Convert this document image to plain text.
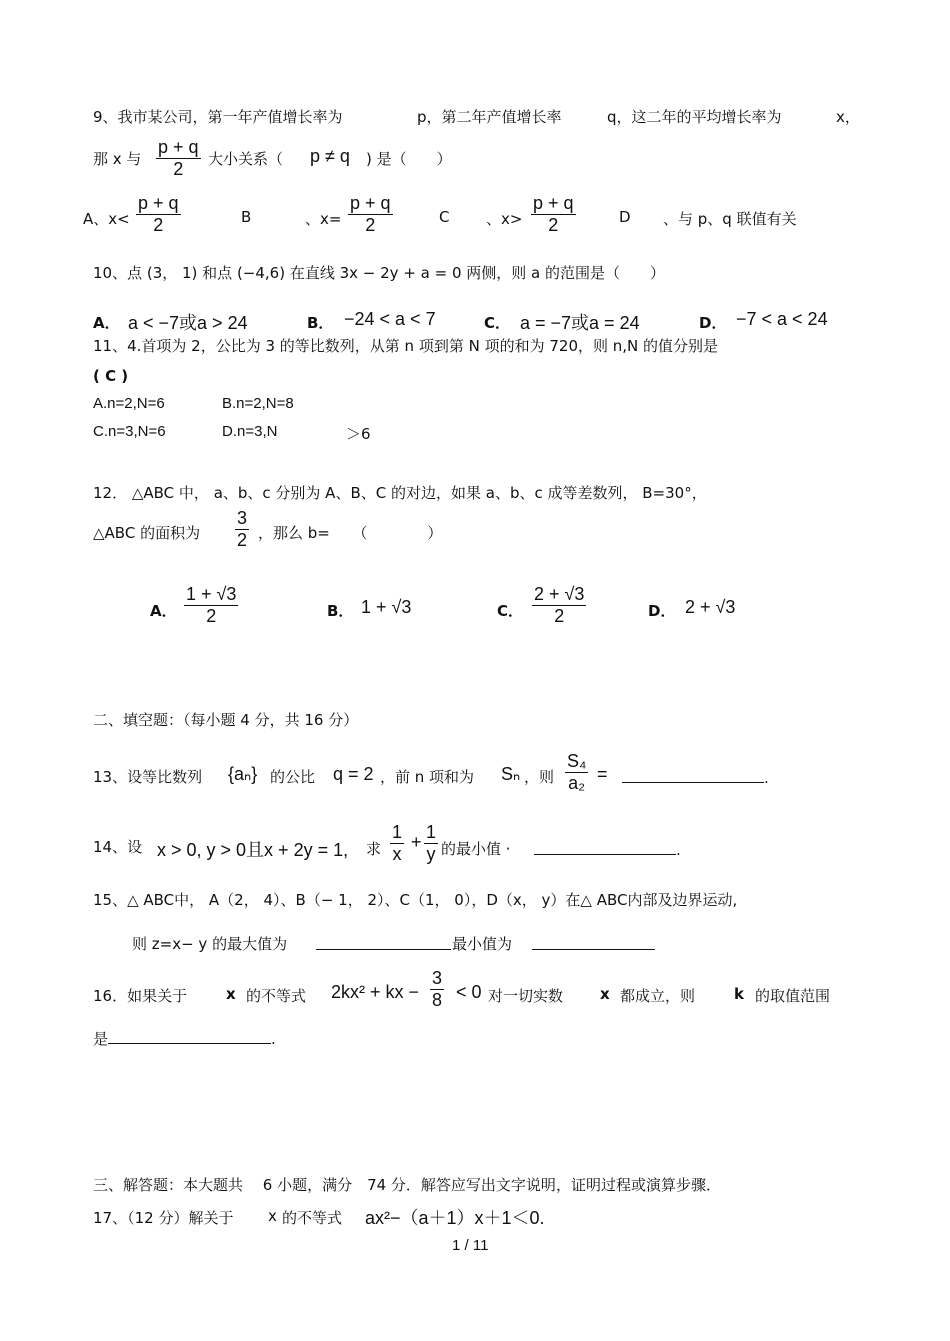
9、我市某公司，第一年产值增长率为	p，第二年产值增长率	q，这二年的平均增长率为	x，
那 x 与 $\frac{p + q}{2}$ 大小关系（ p ≠ q ) 是（　　）
A、$x< \frac{p + q}{2}$	B	、$x= \frac{p + q}{2}$	C 、$x> \frac{p + q}{2}$	D 、与 p、q 联值有关
10、点 (3， 1) 和点 (−4,6) 在直线 3x − 2y + a = 0 两侧，则 a 的范围是（　　）
A． a < −7或a > 24	B． −24 < a < 7	C． a = −7或a = 24	D． −7 < a < 24
11、4.首项为 2，公比为 3 的等比数列，从第 n 项到第 N 项的和为 720，则 n,N 的值分别是
( C )
A.n=2,N=6	B.n=2,N=8
C.n=3,N=6	D.n=3,N	＞6
12． △ABC 中， a、b、c 分别为 A、B、C 的对边，如果 a、b、c 成等差数列， B=30°，
△ABC 的面积为 $\frac{3}{2}$ ，那么 b=　　（　　　　）
A． $\frac{1 + √3}{2}$	B． 1 + √3	C． $\frac{2 + √3}{2}$	D． 2 + √3
二、填空题：（每小题 4 分，共 16 分）
13、设等比数列 {aₙ} 的公比 q = 2 ，前 n 项和为 Sₙ ，则 $\frac{\text{S₄}}{\text{a₂}}$ =	.
14、设 x > 0, y > 0且x + 2y = 1, 求 $\frac{1}{x} + \frac{1}{y}$ 的最小值 ·	.
15、△ ABC中， A（2， 4）、B（− 1， 2）、C（1， 0），D（x， y）在△ ABC内部及边界运动,
则 z=x− y 的最大值为	最小值为
16．如果关于	x 的不等式 2kx² + kx − $\frac{3}{8} < 0$ 对一切实数 x 都成立，则	k 的取值范围
是	.
三、解答题：本大题共　 6 小题，满分　74 分．解答应写出文字说明，证明过程或演算步骤．
17、（12 分）解关于 x 的不等式 ax²−（a＋1）x＋1＜0.
1 / 11
